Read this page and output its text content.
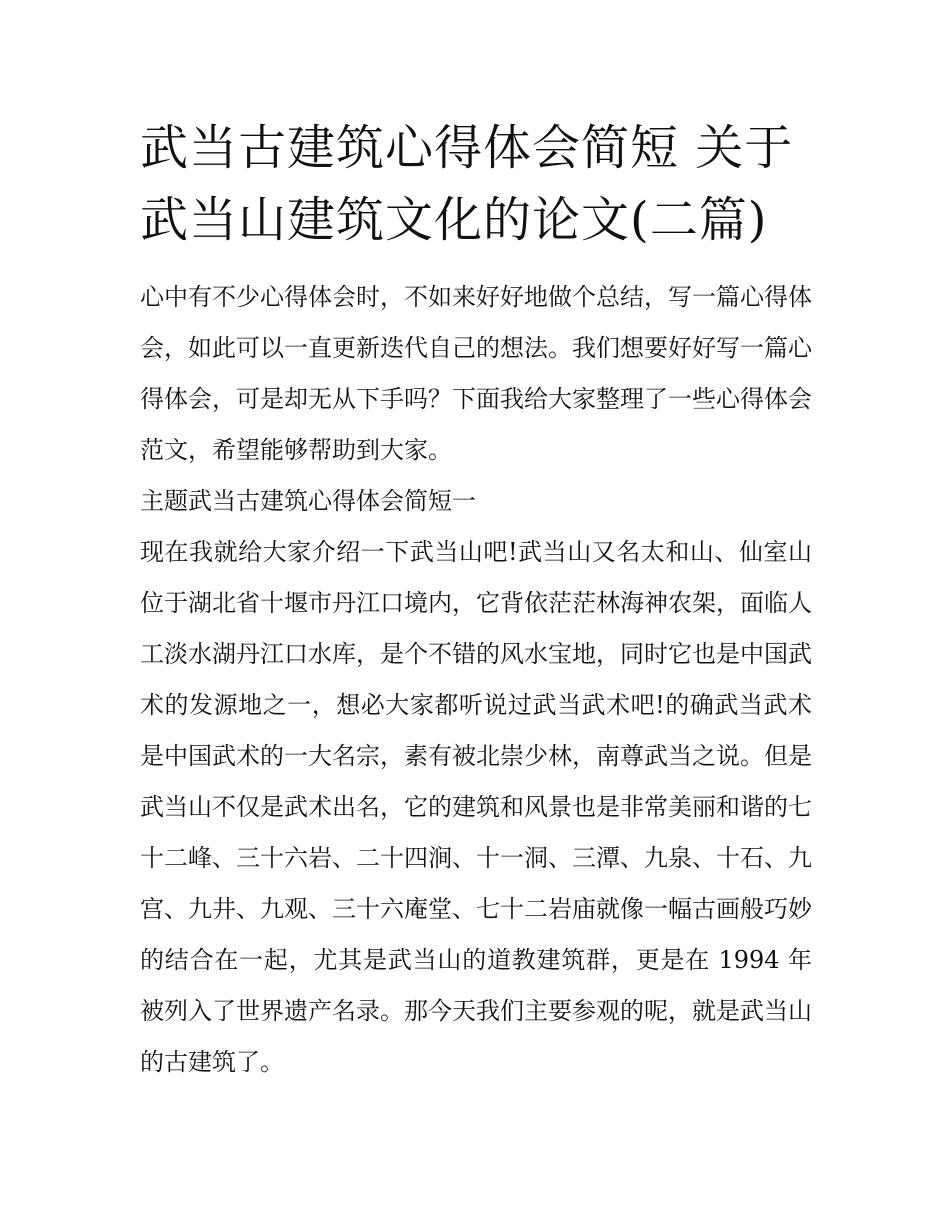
武当古建筑心得体会简短 关于武当山建筑文化的论文(二篇)

心中有不少心得体会时，不如来好好地做个总结，写一篇心得体会，如此可以一直更新迭代自己的想法。我们想要好好写一篇心得体会，可是却无从下手吗？下面我给大家整理了一些心得体会范文，希望能够帮助到大家。

主题武当古建筑心得体会简短一

现在我就给大家介绍一下武当山吧!武当山又名太和山、仙室山位于湖北省十堰市丹江口境内，它背依茫茫林海神农架，面临人工淡水湖丹江口水库，是个不错的风水宝地，同时它也是中国武术的发源地之一，想必大家都听说过武当武术吧!的确武当武术是中国武术的一大名宗，素有被北崇少林，南尊武当之说。但是武当山不仅是武术出名，它的建筑和风景也是非常美丽和谐的七十二峰、三十六岩、二十四涧、十一洞、三潭、九泉、十石、九宫、九井、九观、三十六庵堂、七十二岩庙就像一幅古画般巧妙的结合在一起，尤其是武当山的道教建筑群，更是在 1994 年被列入了世界遗产名录。那今天我们主要参观的呢，就是武当山的古建筑了。
